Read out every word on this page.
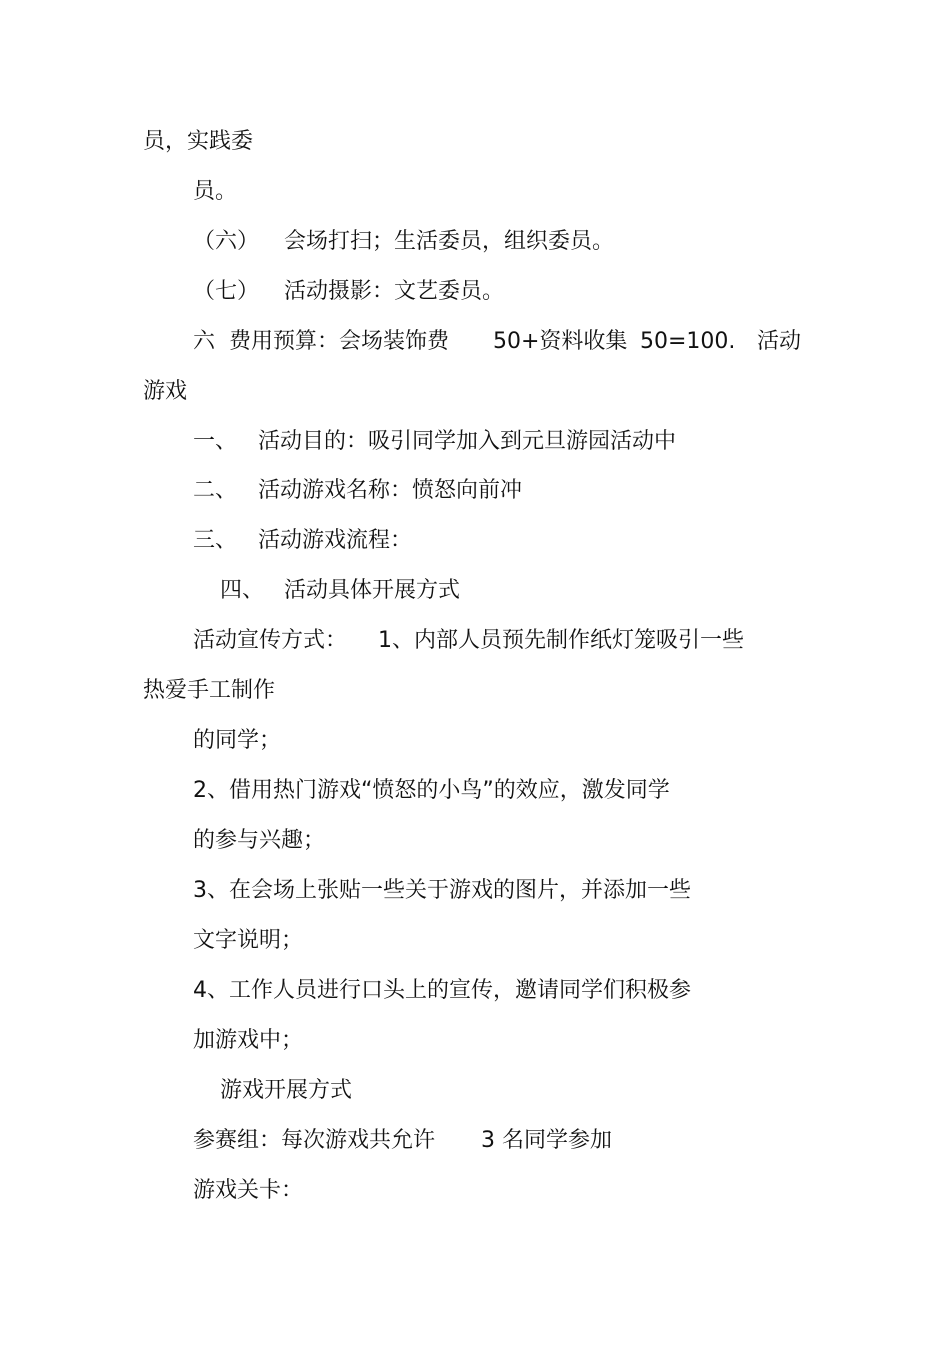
员，实践委
员。
（六） 会场打扫；生活委员，组织委员。
（七） 活动摄影：文艺委员。
六  费用预算：会场装饰费 50+资料收集 50=100. 活动
游戏
一、 活动目的：吸引同学加入到元旦游园活动中
二、 活动游戏名称：愤怒向前冲
三、 活动游戏流程：
四、 活动具体开展方式
活动宣传方式： 1、内部人员预先制作纸灯笼吸引一些
热爱手工制作
的同学；
2、借用热门游戏“愤怒的小鸟”的效应，激发同学
的参与兴趣；
3、在会场上张贴一些关于游戏的图片，并添加一些
文字说明；
4、工作人员进行口头上的宣传，邀请同学们积极参
加游戏中；
游戏开展方式
参赛组：每次游戏共允许 3 名同学参加
游戏关卡：
